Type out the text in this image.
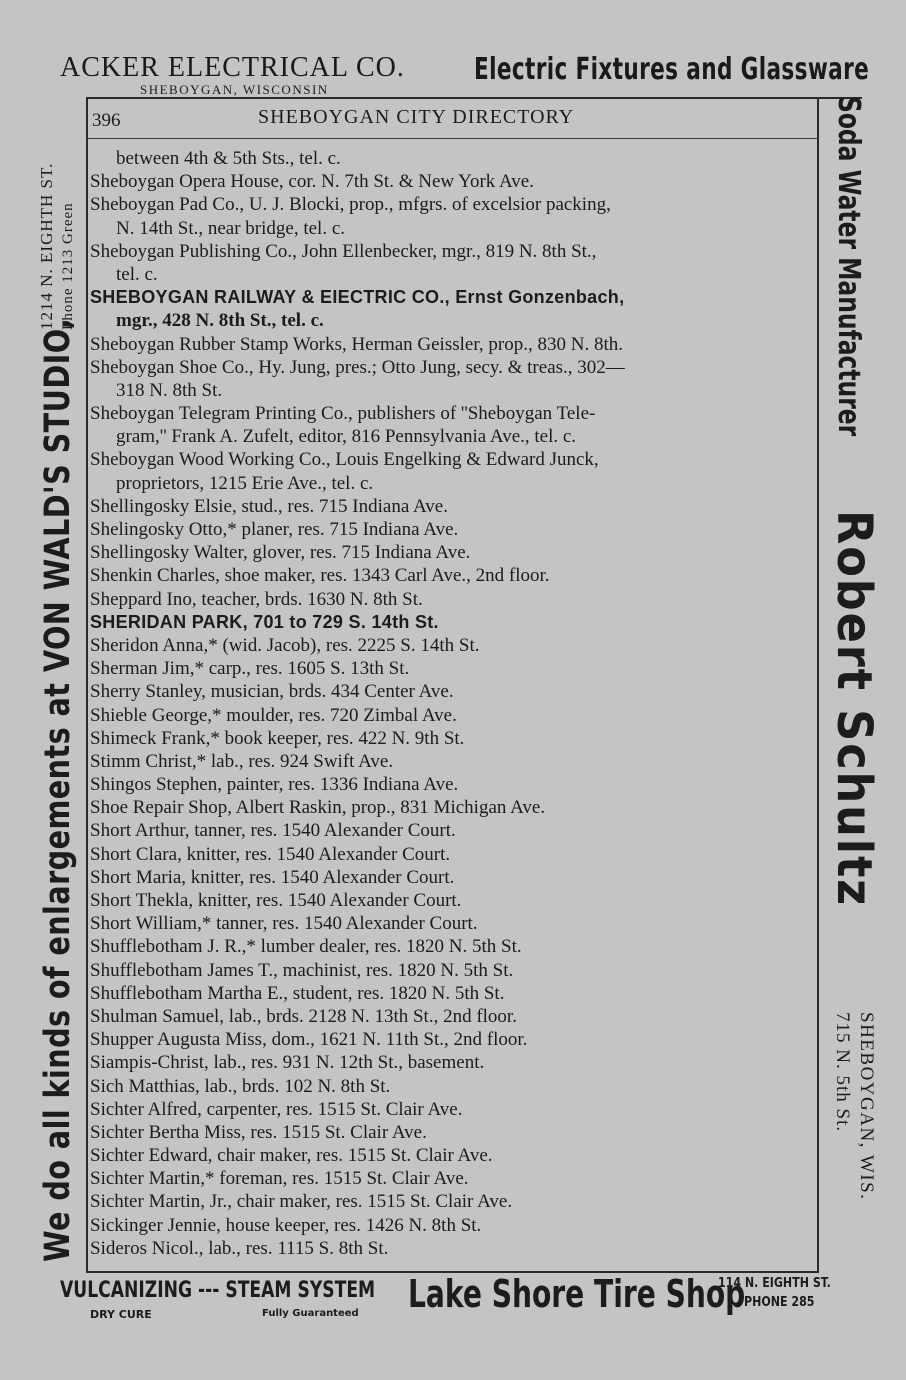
ACKER ELECTRICAL CO.
SHEBOYGAN, WISCONSIN
Electric Fixtures and Glassware
396	SHEBOYGAN CITY DIRECTORY
between 4th & 5th Sts., tel. c.
Sheboygan Opera House, cor. N. 7th St. & New York Ave.
Sheboygan Pad Co., U. J. Blocki, prop., mfgrs. of excelsior packing,
N. 14th St., near bridge, tel. c.
Sheboygan Publishing Co., John Ellenbecker, mgr., 819 N. 8th St.,
tel. c.
SHEBOYGAN RAILWAY & EIECTRIC CO., Ernst Gonzenbach,
mgr., 428 N. 8th St., tel. c.
Sheboygan Rubber Stamp Works, Herman Geissler, prop., 830 N. 8th.
Sheboygan Shoe Co., Hy. Jung, pres.; Otto Jung, secy. & treas., 302—
318 N. 8th St.
Sheboygan Telegram Printing Co., publishers of ''Sheboygan Tele-
gram,'' Frank A. Zufelt, editor, 816 Pennsylvania Ave., tel. c.
Sheboygan Wood Working Co., Louis Engelking & Edward Junck,
proprietors, 1215 Erie Ave., tel. c.
Shellingosky Elsie, stud., res. 715 Indiana Ave.
Shelingosky Otto,* planer, res. 715 Indiana Ave.
Shellingosky Walter, glover, res. 715 Indiana Ave.
Shenkin Charles, shoe maker, res. 1343 Carl Ave., 2nd floor.
Sheppard Ino, teacher, brds. 1630 N. 8th St.
SHERIDAN PARK, 701 to 729 S. 14th St.
Sheridon Anna,* (wid. Jacob), res. 2225 S. 14th St.
Sherman Jim,* carp., res. 1605 S. 13th St.
Sherry Stanley, musician, brds. 434 Center Ave.
Shieble George,* moulder, res. 720 Zimbal Ave.
Shimeck Frank,* book keeper, res. 422 N. 9th St.
Stimm Christ,* lab., res. 924 Swift Ave.
Shingos Stephen, painter, res. 1336 Indiana Ave.
Shoe Repair Shop, Albert Raskin, prop., 831 Michigan Ave.
Short Arthur, tanner, res. 1540 Alexander Court.
Short Clara, knitter, res. 1540 Alexander Court.
Short Maria, knitter, res. 1540 Alexander Court.
Short Thekla, knitter, res. 1540 Alexander Court.
Short William,* tanner, res. 1540 Alexander Court.
Shufflebotham J. R.,* lumber dealer, res. 1820 N. 5th St.
Shufflebotham James T., machinist, res. 1820 N. 5th St.
Shufflebotham Martha E., student, res. 1820 N. 5th St.
Shulman Samuel, lab., brds. 2128 N. 13th St., 2nd floor.
Shupper Augusta Miss, dom., 1621 N. 11th St., 2nd floor.
Siampis-Christ, lab., res. 931 N. 12th St., basement.
Sich Matthias, lab., brds. 102 N. 8th St.
Sichter Alfred, carpenter, res. 1515 St. Clair Ave.
Sichter Bertha Miss, res. 1515 St. Clair Ave.
Sichter Edward, chair maker, res. 1515 St. Clair Ave.
Sichter Martin,* foreman, res. 1515 St. Clair Ave.
Sichter Martin, Jr., chair maker, res. 1515 St. Clair Ave.
Sickinger Jennie, house keeper, res. 1426 N. 8th St.
Sideros Nicol., lab., res. 1115 S. 8th St.
We do all kinds of enlargements at VON WALD'S STUDIO,
1214 N. EIGHTH ST. Phone 1213 Green	Soda Water Manufacturer
Robert Schultz
SHEBOYGAN, WIS.
715 N. 5th St.
VULCANIZING --- STEAM SYSTEM
DRY CURE	Fully Guaranteed Lake Shore Tire Shop
114 N. EIGHTH ST.
PHONE 285
